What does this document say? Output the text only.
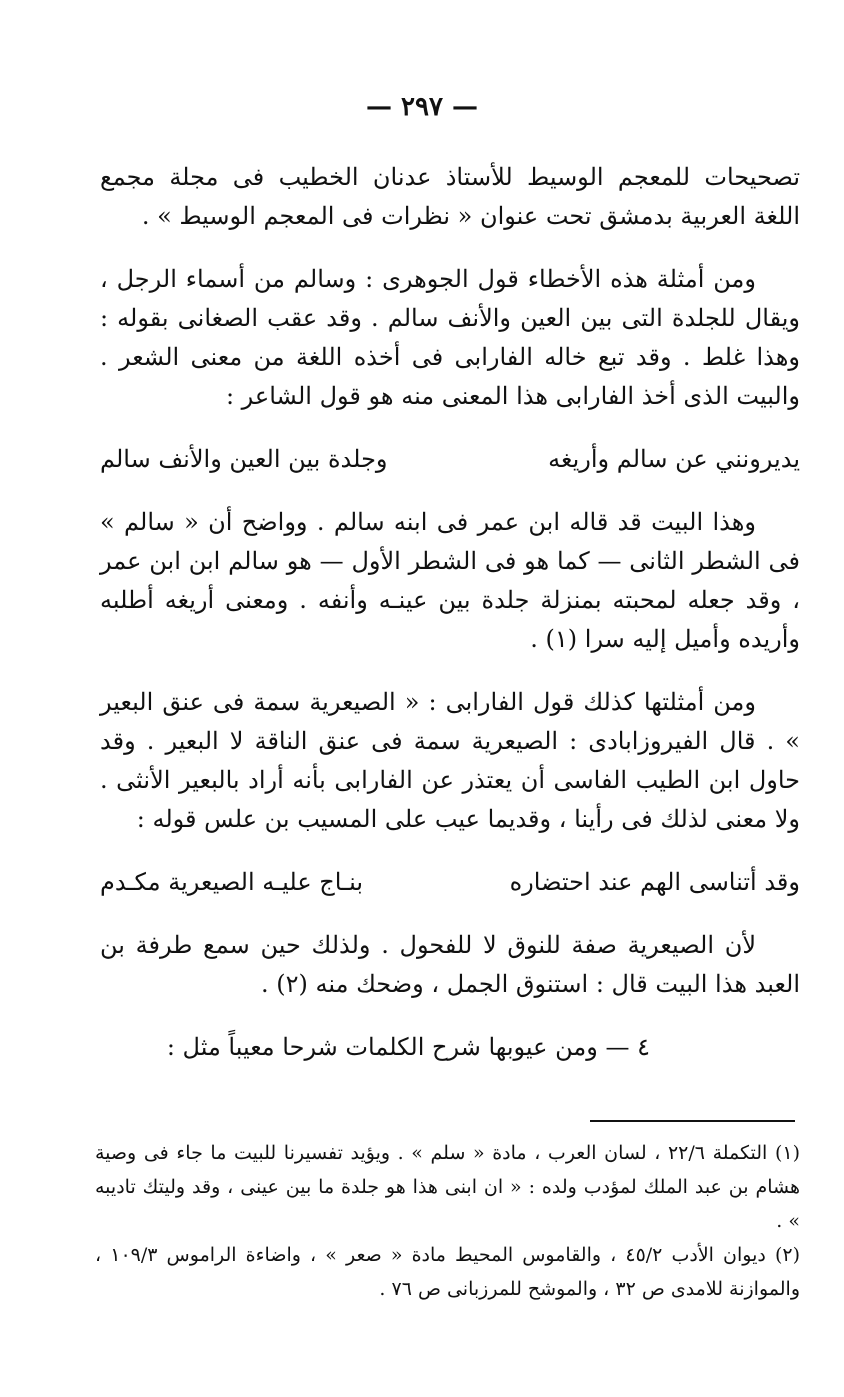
— ٢٩٧ —

تصحيحات للمعجم الوسيط للأستاذ عدنان الخطيب فى مجلة مجمع اللغة العربية بدمشق تحت عنوان « نظرات فى المعجم الوسيط » .

ومن أمثلة هذه الأخطاء قول الجوهرى : وسالم من أسماء الرجل ، ويقال للجلدة التى بين العين والأنف سالم . وقد عقب الصغانى بقوله : وهذا غلط . وقد تبع خاله الفارابى فى أخذه اللغة من معنى الشعر . والبيت الذى أخذ الفارابى هذا المعنى منه هو قول الشاعر :

يديرونني عن سالم وأريغه
وجلدة بين العين والأنف سالم

وهذا البيت قد قاله ابن عمر فى ابنه سالم . وواضح أن « سالم » فى الشطر الثانى — كما هو فى الشطر الأول — هو سالم ابن ابن عمر ، وقد جعله لمحبته بمنزلة جلدة بين عينـه وأنفه . ومعنى أريغه أطلبه وأريده وأميل إليه سرا (١) .

ومن أمثلتها كذلك قول الفارابى : « الصيعرية سمة فى عنق البعير » . قال الفيروزابادى : الصيعرية سمة فى عنق الناقة لا البعير . وقد حاول ابن الطيب الفاسى أن يعتذر عن الفارابى بأنه أراد بالبعير الأنثى . ولا معنى لذلك فى رأينا ، وقديما عيب على المسيب بن علس قوله :

وقد أتناسى الهم عند احتضاره
بنـاج عليـه الصيعرية مكـدم

لأن الصيعرية صفة للنوق لا للفحول . ولذلك حين سمع طرفة بن العبد هذا البيت قال : استنوق الجمل ، وضحك منه (٢) .

٤ — ومن عيوبها شرح الكلمات شرحا معيباً مثل :

(١) التكملة ٢٢/٦ ، لسان العرب ، مادة « سلم » . ويؤيد تفسيرنا للبيت ما جاء فى وصية هشام بن عبد الملك لمؤدب ولده : « ان ابنى هذا هو جلدة ما بين عينى ، وقد وليتك تاديبه » .

(٢) ديوان الأدب ٤٥/٢ ، والقاموس المحيط مادة « صعر » ، واضاءة الراموس ١٠٩/٣ ، والموازنة للامدى ص ٣٢ ، والموشح للمرزبانى ص ٧٦ .
